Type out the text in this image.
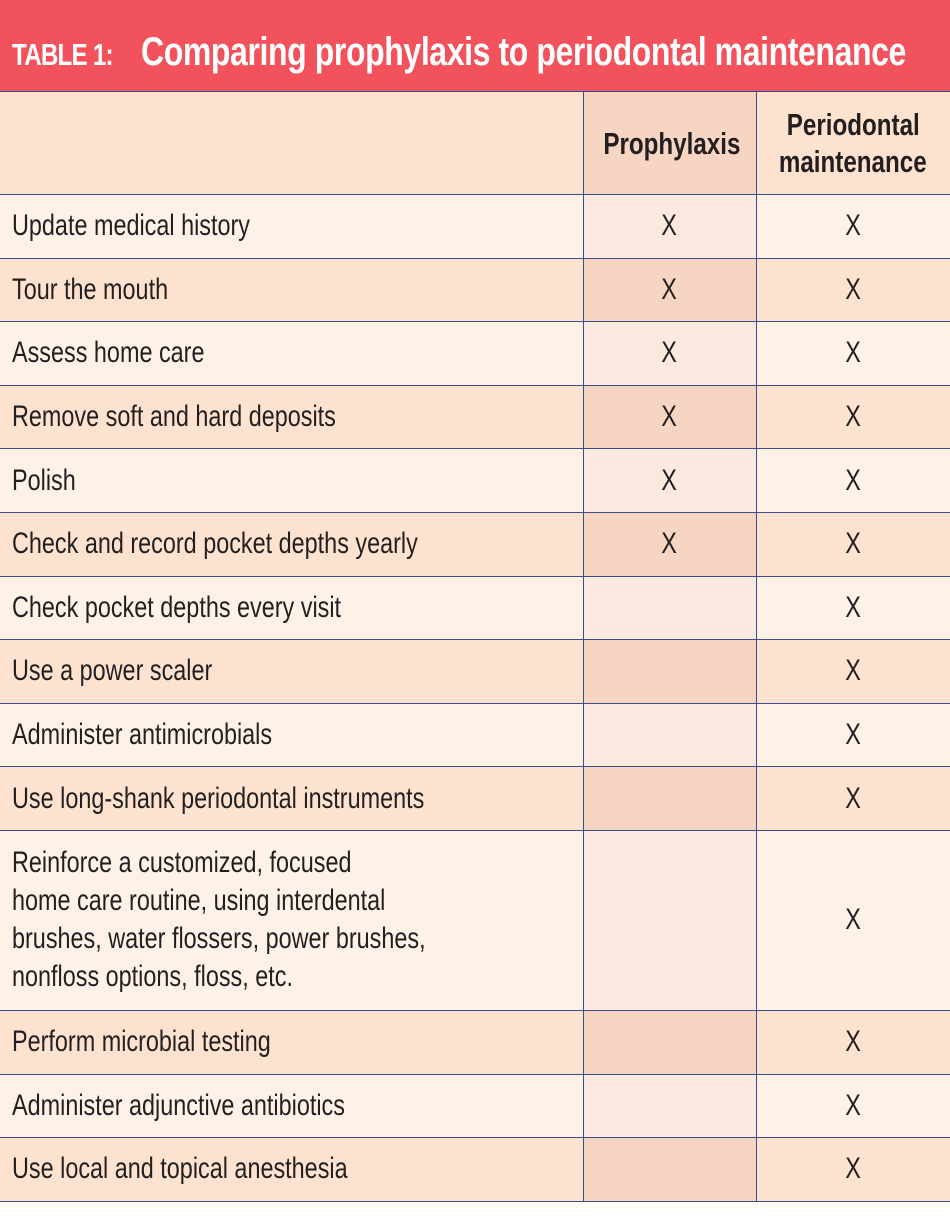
TABLE 1: Comparing prophylaxis to periodontal maintenance
	Prophylaxis	Periodontal
maintenance

Update medical history	X	X

Tour the mouth	X	X

Assess home care	X	X

Remove soft and hard deposits	X	X

Polish	X	X

Check and record pocket depths yearly	X	X

Check pocket depths every visit		X

Use a power scaler		X

Administer antimicrobials		X

Use long-shank periodontal instruments		X

Reinforce a customized, focused
home care routine, using interdental
brushes, water flossers, power brushes,
nonfloss options, floss, etc.		X

Perform microbial testing		X

Administer adjunctive antibiotics		X

Use local and topical anesthesia		X
